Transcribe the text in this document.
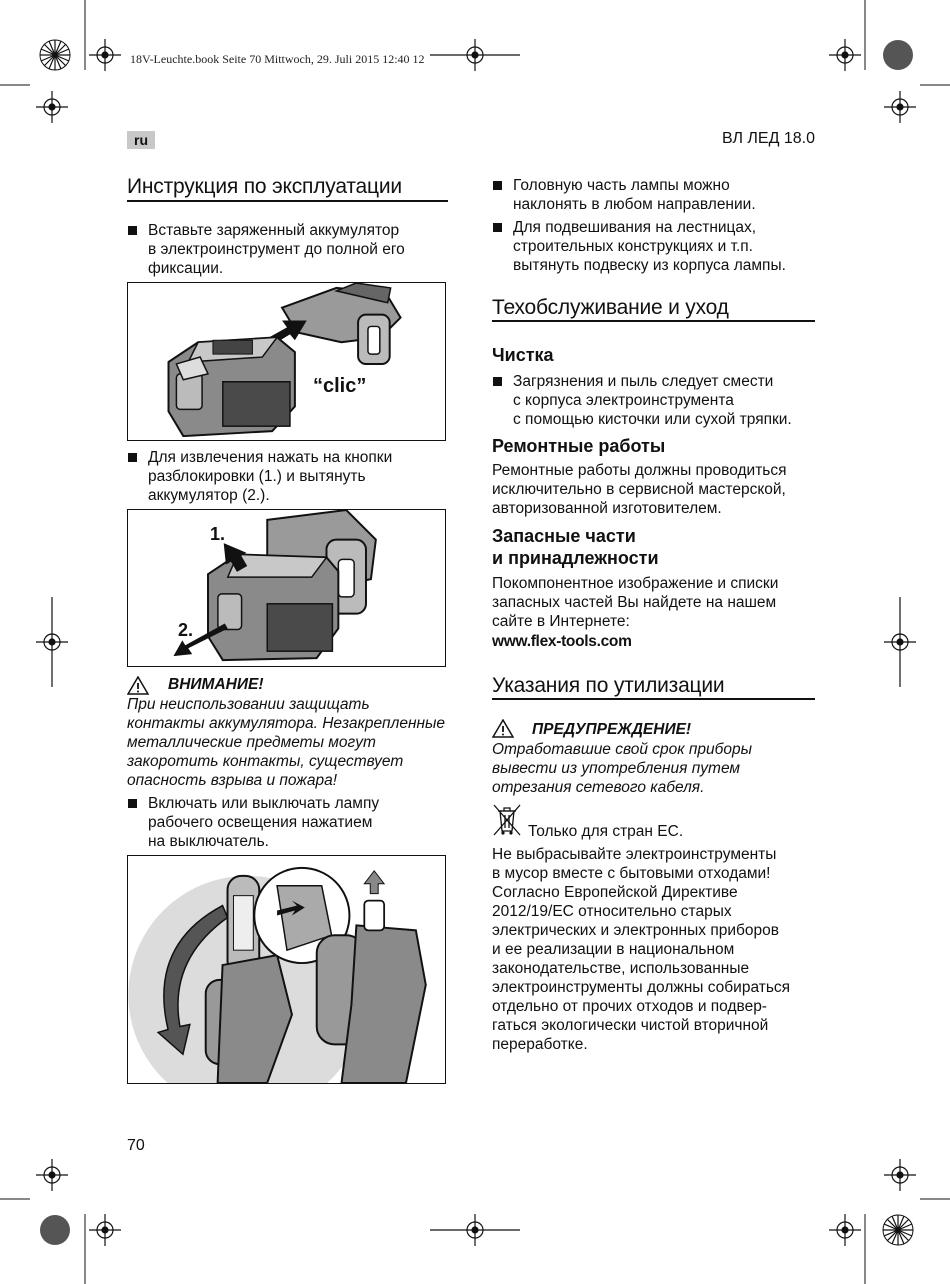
18V-Leuchte.book Seite 70 Mittwoch, 29. Juli 2015 12:40 12
ru	ВЛ ЛЕД 18.0
Инструкция по эксплуатации
Вставьте заряженный аккумулятор
в электроинструмент до полной его
фиксации.
“clic”
Для извлечения нажать на кнопки
разблокировки (1.) и вытянуть
аккумулятор (2.).
1.
2.
ВНИМАНИЕ!
При неиспользовании защищать
контакты аккумулятора. Незакрепленные
металлические предметы могут
закоротить контакты, существует
опасность взрыва и пожара!
Включать или выключать лампу
рабочего освещения нажатием
на выключатель.
Головную часть лампы можно
наклонять в любом направлении.
Для подвешивания на лестницах,
строительных конструкциях и т.п.
вытянуть подвеску из корпуса лампы.
Техобслуживание и уход
Чистка
Загрязнения и пыль следует смести
с корпуса электроинструмента
с помощью кисточки или сухой тряпки.
Ремонтные работы
Ремонтные работы должны проводиться
исключительно в сервисной мастерской,
авторизованной изготовителем.
Запасные части
и принадлежности
Покомпонентное изображение и списки
запасных частей Вы найдете на нашем
сайте в Интернете:
www.flex-tools.com
Указания по утилизации
ПРЕДУПРЕЖДЕНИЕ!
Отработавшие свой срок приборы
вывести из употребления путем
отрезания сетевого кабеля.
Только для стран ЕС.
Не выбрасывайте электроинструменты
в мусор вместе с бытовыми отходами!
Согласно Европейской Директиве
2012/19/ЕС относительно старых
электрических и электронных приборов
и ее реализации в национальном
законодательстве, использованные
электроинструменты должны собираться
отдельно от прочих отходов и подвер-
гаться экологически чистой вторичной
переработке.
70
